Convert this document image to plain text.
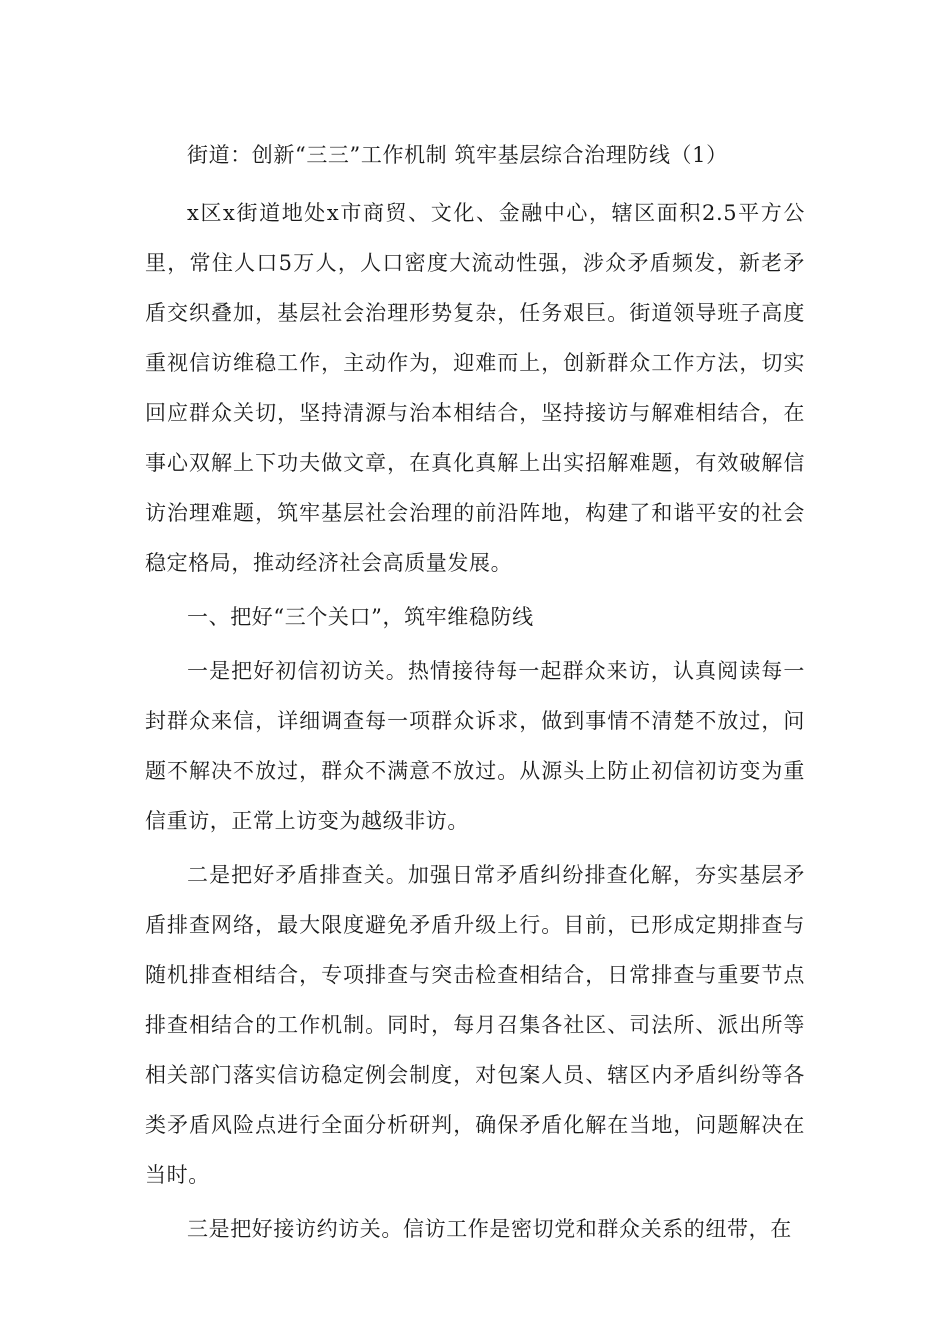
街道：创新“三三”工作机制 筑牢基层综合治理防线（1）

x区x街道地处x市商贸、文化、金融中心，辖区面积2.5平方公里，常住人口5万人，人口密度大流动性强，涉众矛盾频发，新老矛盾交织叠加，基层社会治理形势复杂，任务艰巨。街道领导班子高度重视信访维稳工作，主动作为，迎难而上，创新群众工作方法，切实回应群众关切，坚持清源与治本相结合，坚持接访与解难相结合，在事心双解上下功夫做文章，在真化真解上出实招解难题，有效破解信访治理难题，筑牢基层社会治理的前沿阵地，构建了和谐平安的社会稳定格局，推动经济社会高质量发展。

一、把好“三个关口”，筑牢维稳防线

一是把好初信初访关。热情接待每一起群众来访，认真阅读每一封群众来信，详细调查每一项群众诉求，做到事情不清楚不放过，问题不解决不放过，群众不满意不放过。从源头上防止初信初访变为重信重访，正常上访变为越级非访。

二是把好矛盾排查关。加强日常矛盾纠纷排查化解，夯实基层矛盾排查网络，最大限度避免矛盾升级上行。目前，已形成定期排查与随机排查相结合，专项排查与突击检查相结合，日常排查与重要节点排查相结合的工作机制。同时，每月召集各社区、司法所、派出所等相关部门落实信访稳定例会制度，对包案人员、辖区内矛盾纠纷等各类矛盾风险点进行全面分析研判，确保矛盾化解在当地，问题解决在当时。

三是把好接访约访关。信访工作是密切党和群众关系的纽带，在
